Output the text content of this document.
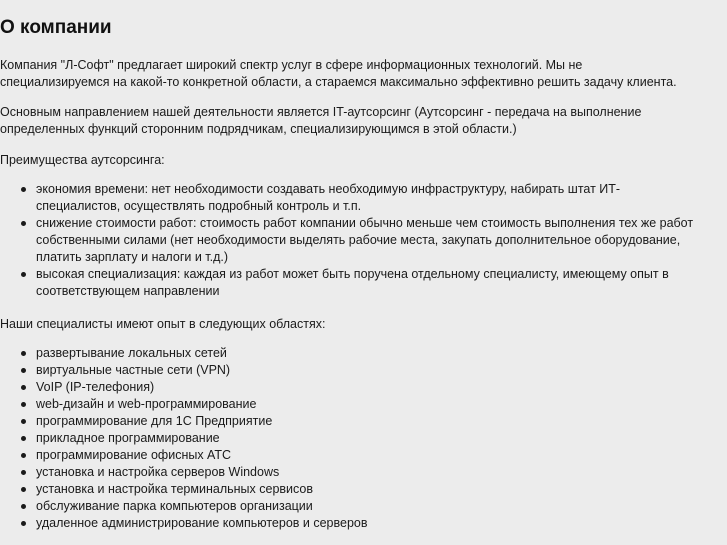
О компании

Компания "Л-Софт" предлагает широкий спектр услуг в сфере информационных технологий. Мы не
специализируемся на какой-то конкретной области, а стараемся максимально эффективно решить задачу клиента.

Основным направлением нашей деятельности является IT-аутсорсинг (Аутсорсинг - передача на выполнение
определенных функций сторонним подрядчикам, специализирующимся в этой области.)

Преимущества аутсорсинга:

экономия времени: нет необходимости создавать необходимую инфраструктуру, набирать штат ИТ-
специалистов, осуществлять подробный контроль и т.п.
снижение стоимости работ: стоимость работ компании обычно меньше чем стоимость выполнения тех же работ
собственными силами (нет необходимости выделять рабочие места, закупать дополнительное оборудование,
платить зарплату и налоги и т.д.)
высокая специализация: каждая из работ может быть поручена отдельному специалисту, имеющему опыт в
соответствующем направлении

Наши специалисты имеют опыт в следующих областях:

развертывание локальных сетей
виртуальные частные сети (VPN)
VoIP (IP-телефония)
web-дизайн и web-программирование
программирование для 1С Предприятие
прикладное программирование
программирование офисных АТС
установка и настройка серверов Windows
установка и настройка терминальных сервисов
обслуживание парка компьютеров организации
удаленное администрирование компьютеров и серверов
